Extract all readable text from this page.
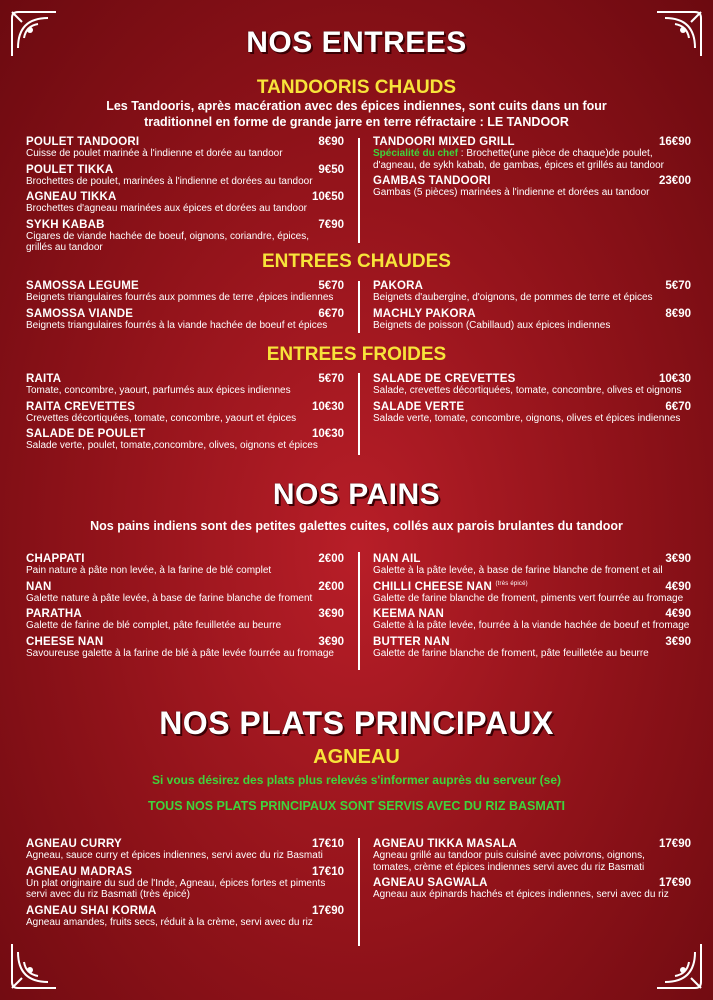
NOS ENTREES
TANDOORIS CHAUDS
Les Tandooris, après macération avec des épices indiennes, sont cuits dans un four
traditionnel en forme de grande jarre en terre réfractaire : LE TANDOOR
POULET TANDOORI	8€90
Cuisse de poulet marinée à l'indienne et dorée au tandoor
POULET TIKKA	9€50
Brochettes de poulet, marinées à l'indienne et dorées au tandoor
AGNEAU TIKKA	10€50
Brochettes d'agneau marinées aux épices et dorées au tandoor
SYKH KABAB	7€90
Cigares de viande hachée de boeuf, oignons, coriandre, épices,
grillés au tandoor
TANDOORI MIXED GRILL	16€90
Spécialité du chef : Brochette(une pièce de chaque)de poulet,
d'agneau, de sykh kabab, de gambas, épices et grillés au tandoor
GAMBAS TANDOORI	23€00
Gambas (5 pièces) marinées à l'indienne et dorées au tandoor
ENTREES CHAUDES
SAMOSSA LEGUME	5€70
Beignets triangulaires fourrés aux pommes de terre ,épices indiennes
SAMOSSA VIANDE	6€70
Beignets triangulaires fourrés à la viande hachée de boeuf et épices
PAKORA	5€70
Beignets d'aubergine, d'oignons, de pommes de terre et épices
MACHLY PAKORA	8€90
Beignets de poisson (Cabillaud) aux épices indiennes
ENTREES FROIDES
RAITA	5€70
Tomate, concombre, yaourt, parfumés aux épices indiennes
RAITA CREVETTES	10€30
Crevettes décortiquées, tomate, concombre, yaourt et épices
SALADE DE POULET	10€30
Salade verte, poulet, tomate,concombre, olives, oignons et épices
SALADE DE CREVETTES	10€30
Salade, crevettes décortiquées, tomate, concombre, olives et oignons
SALADE VERTE	6€70
Salade verte, tomate, concombre, oignons, olives et épices indiennes
NOS PAINS
Nos pains indiens sont des petites galettes cuites, collés aux parois brulantes du tandoor
CHAPPATI	2€00
Pain nature à pâte non levée, à la farine de blé complet
NAN	2€00
Galette nature à pâte levée, à base de farine blanche de froment
PARATHA	3€90
Galette de farine de blé complet, pâte feuilletée au beurre
CHEESE NAN	3€90
Savoureuse galette à la farine de blé à pâte levée fourrée au fromage
NAN AIL	3€90
Galette à la pâte levée, à base de farine blanche de froment et ail
CHILLI CHEESE NAN $^{(très épicé)}$	4€90
Galette de farine blanche de froment, piments vert fourrée au fromage
KEEMA NAN	4€90
Galette à la pâte levée, fourrée à la viande hachée de boeuf et fromage
BUTTER NAN	3€90
Galette de farine blanche de froment, pâte feuilletée au beurre
NOS PLATS PRINCIPAUX
AGNEAU
Si vous désirez des plats plus relevés s'informer auprès du serveur (se)
TOUS NOS PLATS PRINCIPAUX SONT SERVIS AVEC DU RIZ BASMATI
AGNEAU CURRY	17€10
Agneau, sauce curry et épices indiennes, servi avec du riz Basmati
AGNEAU MADRAS	17€10
Un plat originaire du sud de l'Inde, Agneau, épices fortes et piments
servi avec du riz Basmati (très épicé)
AGNEAU SHAI KORMA	17€90
Agneau amandes, fruits secs, réduit à la crème, servi avec du riz
AGNEAU TIKKA MASALA	17€90
Agneau grillé au tandoor puis cuisiné avec poivrons, oignons,
tomates, crème et épices indiennes servi avec du riz Basmati
AGNEAU SAGWALA	17€90
Agneau aux épinards hachés et épices indiennes, servi avec du riz
